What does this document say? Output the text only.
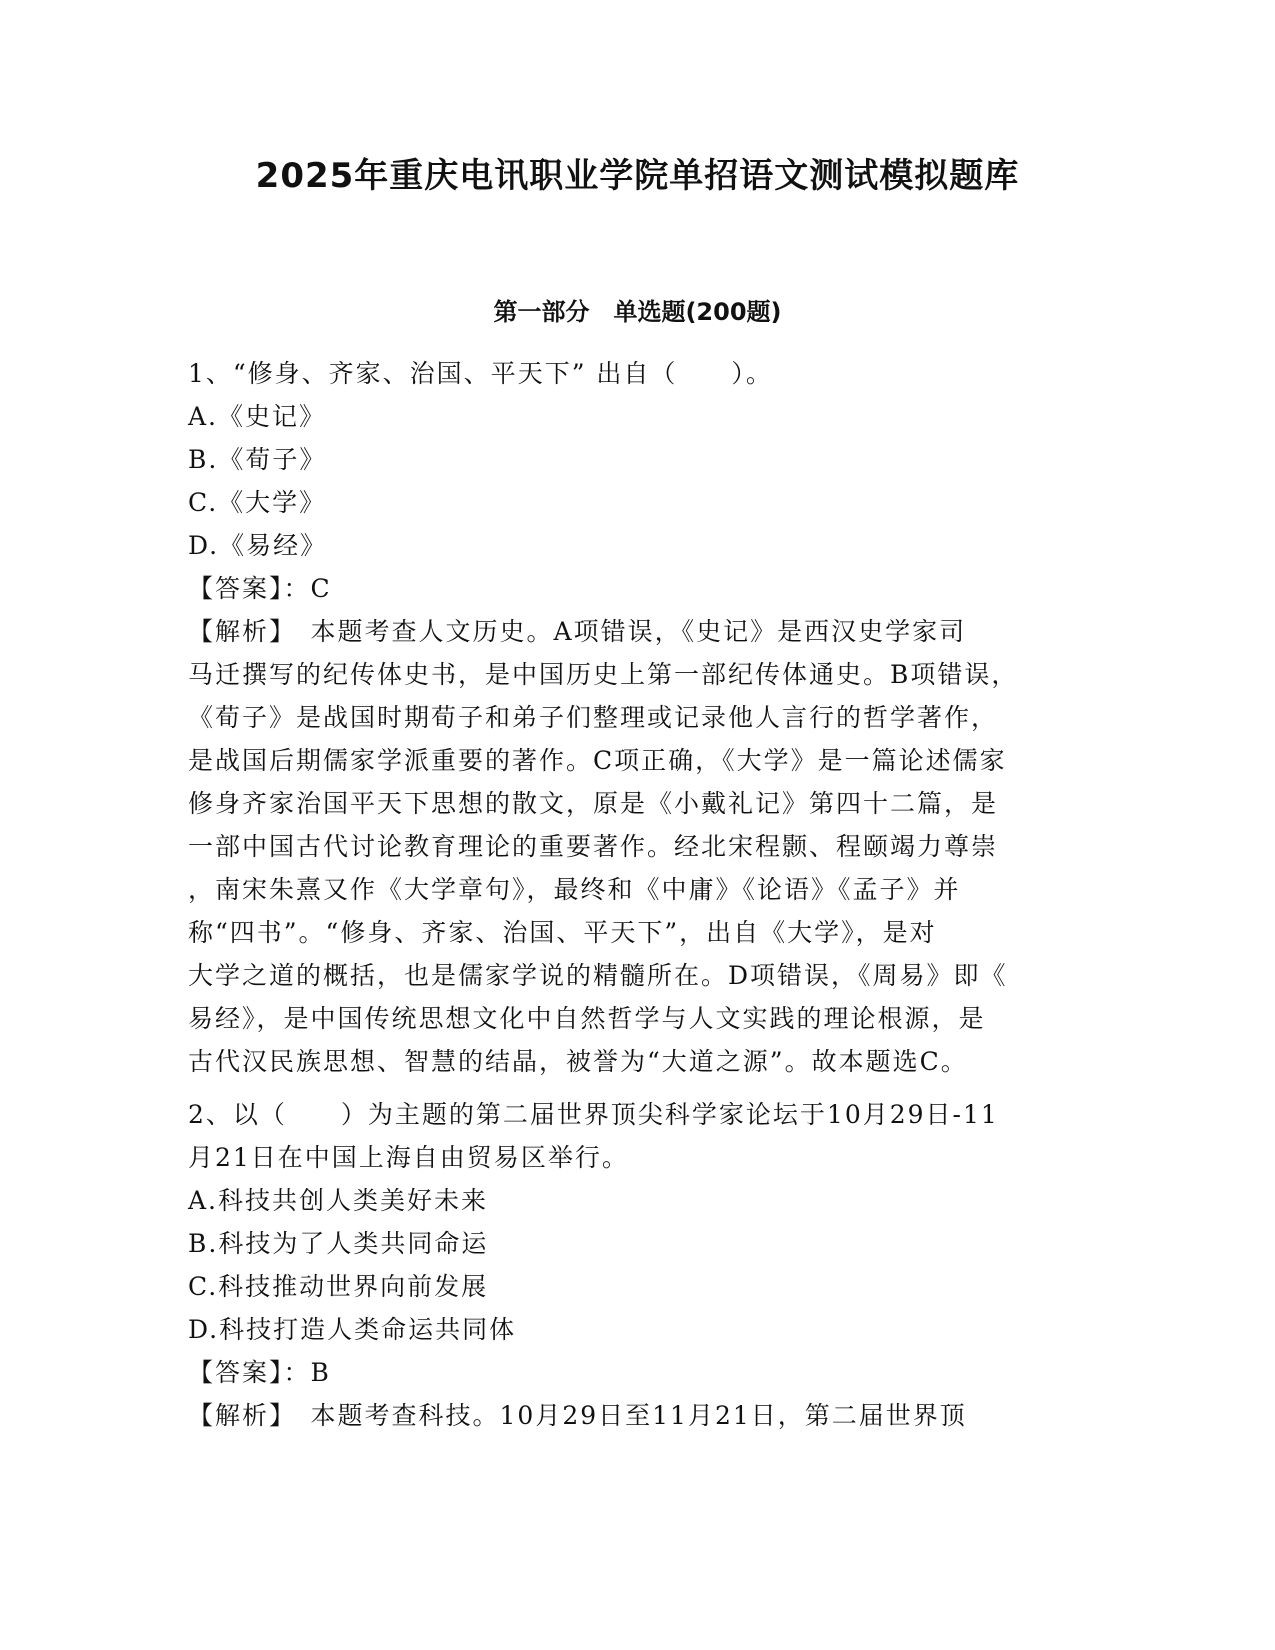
2025年重庆电讯职业学院单招语文测试模拟题库
第一部分　单选题(200题)
1、“修身、齐家、治国、平天下” 出自（　　）。
A.《史记》
B.《荀子》
C.《大学》
D.《易经》
【答案】：C
【解析】　本题考查人文历史。A项错误，《史记》是西汉史学家司
马迁撰写的纪传体史书，是中国历史上第一部纪传体通史。B项错误，
《荀子》是战国时期荀子和弟子们整理或记录他人言行的哲学著作，
是战国后期儒家学派重要的著作。C项正确，《大学》是一篇论述儒家
修身齐家治国平天下思想的散文，原是《小戴礼记》第四十二篇，是
一部中国古代讨论教育理论的重要著作。经北宋程颢、程颐竭力尊崇
，南宋朱熹又作《大学章句》，最终和《中庸》《论语》《孟子》并
称“四书”。“修身、齐家、治国、平天下”，出自《大学》，是对
大学之道的概括，也是儒家学说的精髓所在。D项错误，《周易》即《
易经》，是中国传统思想文化中自然哲学与人文实践的理论根源，是
古代汉民族思想、智慧的结晶，被誉为“大道之源”。故本题选C。
2、以（　　）为主题的第二届世界顶尖科学家论坛于10月29日-11
月21日在中国上海自由贸易区举行。
A.科技共创人类美好未来
B.科技为了人类共同命运
C.科技推动世界向前发展
D.科技打造人类命运共同体
【答案】：B
【解析】　本题考查科技。10月29日至11月21日，第二届世界顶
